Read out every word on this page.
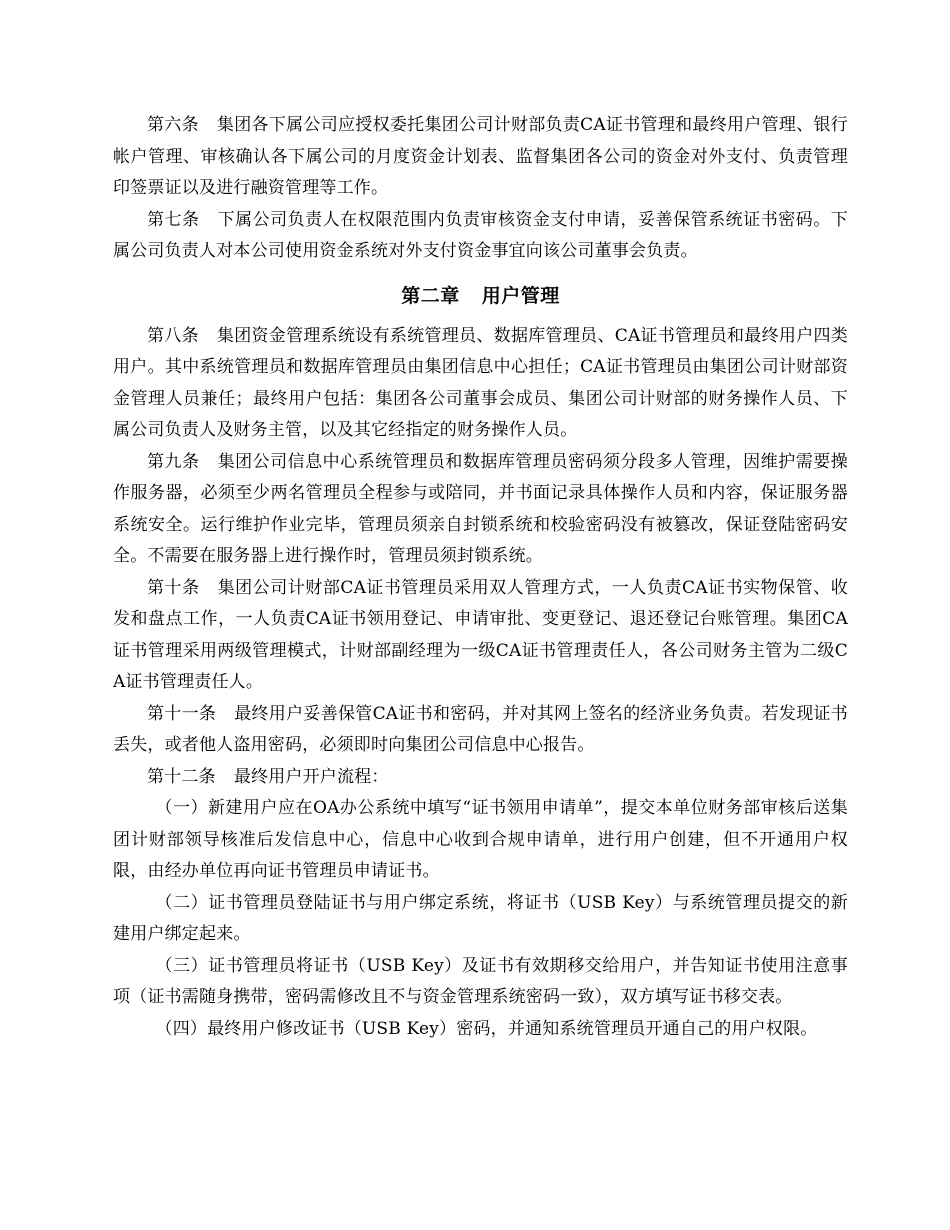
第六条 集团各下属公司应授权委托集团公司计财部负责CA证书管理和最终用户管理、银行帐户管理、审核确认各下属公司的月度资金计划表、监督集团各公司的资金对外支付、负责管理印签票证以及进行融资管理等工作。

第七条 下属公司负责人在权限范围内负责审核资金支付申请，妥善保管系统证书密码。下属公司负责人对本公司使用资金系统对外支付资金事宜向该公司董事会负责。

第二章 用户管理

第八条 集团资金管理系统设有系统管理员、数据库管理员、CA证书管理员和最终用户四类用户。其中系统管理员和数据库管理员由集团信息中心担任；CA证书管理员由集团公司计财部资金管理人员兼任；最终用户包括：集团各公司董事会成员、集团公司计财部的财务操作人员、下属公司负责人及财务主管，以及其它经指定的财务操作人员。

第九条 集团公司信息中心系统管理员和数据库管理员密码须分段多人管理，因维护需要操作服务器，必须至少两名管理员全程参与或陪同，并书面记录具体操作人员和内容，保证服务器系统安全。运行维护作业完毕，管理员须亲自封锁系统和校验密码没有被篡改，保证登陆密码安全。不需要在服务器上进行操作时，管理员须封锁系统。

第十条 集团公司计财部CA证书管理员采用双人管理方式，一人负责CA证书实物保管、收发和盘点工作，一人负责CA证书领用登记、申请审批、变更登记、退还登记台账管理。集团CA证书管理采用两级管理模式，计财部副经理为一级CA证书管理责任人，各公司财务主管为二级CA证书管理责任人。

第十一条 最终用户妥善保管CA证书和密码，并对其网上签名的经济业务负责。若发现证书丢失，或者他人盗用密码，必须即时向集团公司信息中心报告。

第十二条 最终用户开户流程：

（一）新建用户应在OA办公系统中填写“证书领用申请单”，提交本单位财务部审核后送集团计财部领导核准后发信息中心，信息中心收到合规申请单，进行用户创建，但不开通用户权限，由经办单位再向证书管理员申请证书。

（二）证书管理员登陆证书与用户绑定系统，将证书（USB Key）与系统管理员提交的新建用户绑定起来。

（三）证书管理员将证书（USB Key）及证书有效期移交给用户，并告知证书使用注意事项（证书需随身携带，密码需修改且不与资金管理系统密码一致），双方填写证书移交表。

（四）最终用户修改证书（USB Key）密码，并通知系统管理员开通自己的用户权限。
